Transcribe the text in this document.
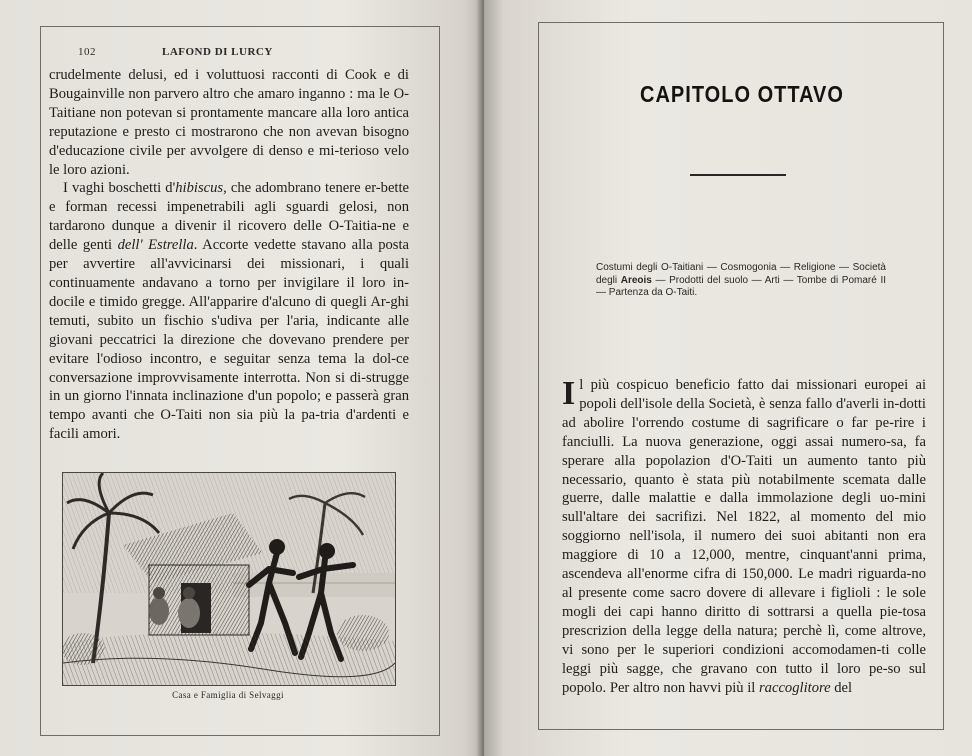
102	LAFOND DI LURCY

crudelmente delusi, ed i voluttuosi racconti di Cook e di Bougainville non parvero altro che amaro inganno : ma le O-Taitiane non potevan si prontamente mancare alla loro antica reputazione e presto ci mostrarono che non avevan bisogno d'educazione civile per avvolgere di denso e mi-terioso velo le loro azioni.

I vaghi boschetti d'hibiscus, che adombrano tenere er-bette e forman recessi impenetrabili agli sguardi gelosi, non tardarono dunque a divenir il ricovero delle O-Taitia-ne e delle genti dell' Estrella. Accorte vedette stavano alla posta per avvertire all'avvicinarsi dei missionari, i quali continuamente andavano a torno per invigilare il loro in-docile e timido gregge. All'apparire d'alcuno di quegli Ar-ghi temuti, subito un fischio s'udiva per l'aria, indicante alle giovani peccatrici la direzione che dovevano prendere per evitare l'odioso incontro, e seguitar senza tema la dol-ce conversazione improvvisamente interrotta. Non si di-strugge in un giorno l'innata inclinazione d'un popolo; e passerà gran tempo avanti che O-Taiti non sia più la pa-tria d'ardenti e facili amori.

Casa e Famiglia di Selvaggi
CAPITOLO OTTAVO
Costumi degli O-Taitiani — Cosmogonia — Religione — Società degli Areois — Prodotti del suolo — Arti — Tombe di Pomaré II — Partenza da O-Taiti.

Il più cospicuo beneficio fatto dai missionari europei ai popoli dell'isole della Società, è senza fallo d'averli in-dotti ad abolire l'orrendo costume di sagrificare o far pe-rire i fanciulli. La nuova generazione, oggi assai numero-sa, fa sperare alla popolazion d'O-Taiti un aumento tanto più necessario, quanto è stata più notabilmente scemata dalle guerre, dalle malattie e dalla immolazione degli uo-mini sull'altare dei sacrifizi. Nel 1822, al momento del mio soggiorno nell'isola, il numero dei suoi abitanti non era maggiore di 10 a 12,000, mentre, cinquant'anni prima, ascendeva all'enorme cifra di 150,000. Le madri riguarda-no al presente come sacro dovere di allevare i figlioli : le sole mogli dei capi hanno diritto di sottrarsi a quella pie-tosa prescrizion della legge della natura; perchè lì, come altrove, vi sono per le superiori condizioni accomodamen-ti colle leggi più sagge, che gravano con tutto il loro pe-so sul popolo. Per altro non havvi più il raccoglitore del
